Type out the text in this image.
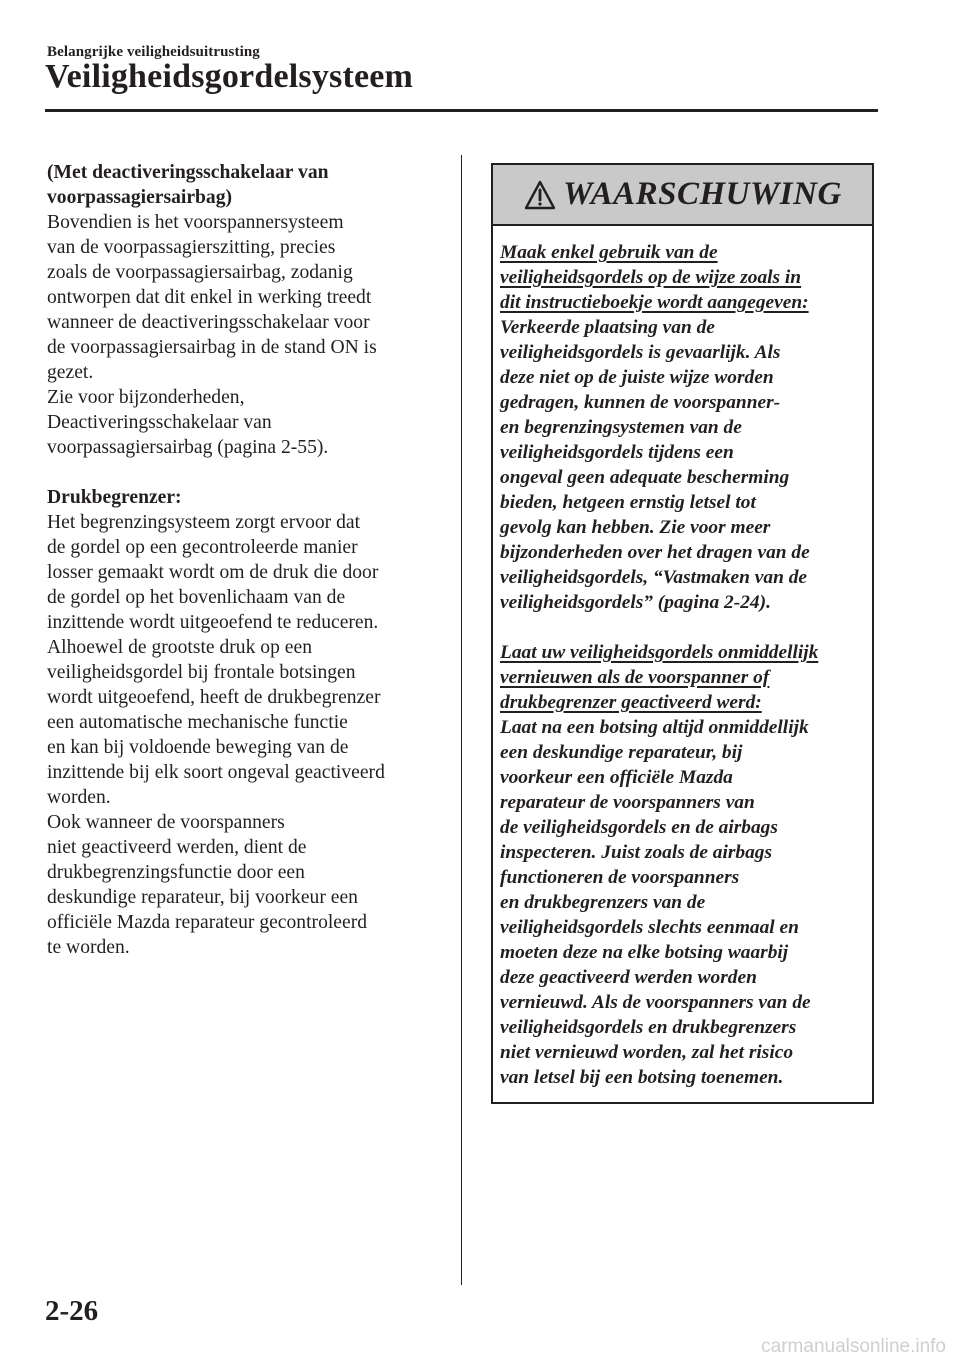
Belangrijke veiligheidsuitrusting
Veiligheidsgordelsysteem

(Met deactiveringsschakelaar van

voorpassagiersairbag)

Bovendien is het voorspannersysteem

van de voorpassagierszitting, precies

zoals de voorpassagiersairbag, zodanig

ontworpen dat dit enkel in werking treedt

wanneer de deactiveringsschakelaar voor

de voorpassagiersairbag in de stand ON is

gezet.

Zie voor bijzonderheden,

Deactiveringsschakelaar van

voorpassagiersairbag (pagina 2-55).

Drukbegrenzer:

Het begrenzingsysteem zorgt ervoor dat

de gordel op een gecontroleerde manier

losser gemaakt wordt om de druk die door

de gordel op het bovenlichaam van de

inzittende wordt uitgeoefend te reduceren.

Alhoewel de grootste druk op een

veiligheidsgordel bij frontale botsingen

wordt uitgeoefend, heeft de drukbegrenzer

een automatische mechanische functie

en kan bij voldoende beweging van de

inzittende bij elk soort ongeval geactiveerd

worden.

Ook wanneer de voorspanners

niet geactiveerd werden, dient de

drukbegrenzingsfunctie door een

deskundige reparateur, bij voorkeur een

officiële Mazda reparateur gecontroleerd

te worden.

WAARSCHUWING

Maak enkel gebruik van de

veiligheidsgordels op de wijze zoals in

dit instructieboekje wordt aangegeven:

Verkeerde plaatsing van de

veiligheidsgordels is gevaarlijk. Als

deze niet op de juiste wijze worden

gedragen, kunnen de voorspanner-

en begrenzingsystemen van de

veiligheidsgordels tijdens een

ongeval geen adequate bescherming

bieden, hetgeen ernstig letsel tot

gevolg kan hebben. Zie voor meer

bijzonderheden over het dragen van de

veiligheidsgordels, “Vastmaken van de

veiligheidsgordels” (pagina 2-24).

Laat uw veiligheidsgordels onmiddellijk

vernieuwen als de voorspanner of

drukbegrenzer geactiveerd werd:

Laat na een botsing altijd onmiddellijk

een deskundige reparateur, bij

voorkeur een officiële Mazda

reparateur de voorspanners van

de veiligheidsgordels en de airbags

inspecteren. Juist zoals de airbags

functioneren de voorspanners

en drukbegrenzers van de

veiligheidsgordels slechts eenmaal en

moeten deze na elke botsing waarbij

deze geactiveerd werden worden

vernieuwd. Als de voorspanners van de

veiligheidsgordels en drukbegrenzers

niet vernieuwd worden, zal het risico

van letsel bij een botsing toenemen.

2-26
carmanualsonline.info
